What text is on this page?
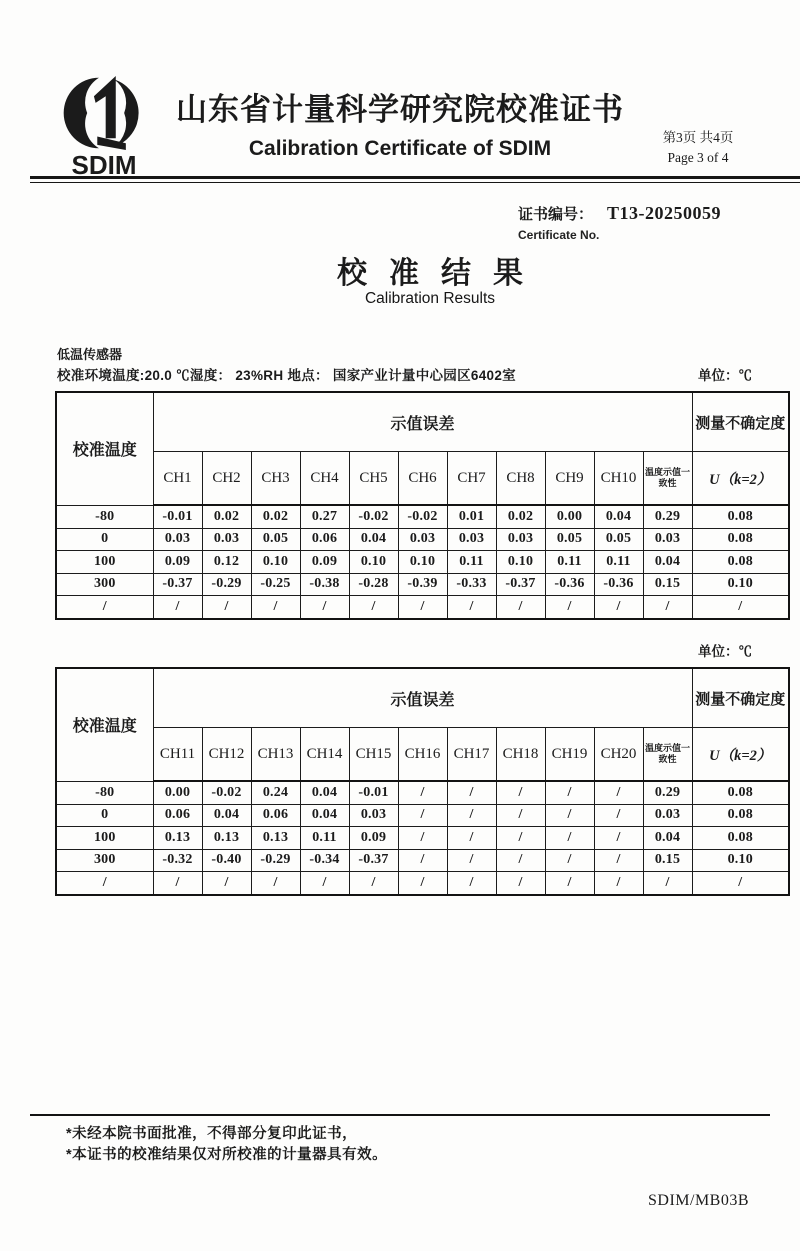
SDIM
山东省计量科学研究院校准证书
Calibration Certificate of SDIM	第3页 共4页
Page 3 of 4
证书编号： T13-20250059
Certificate No.
校准结果
Calibration Results
低温传感器
校准环境温度:20.0 ℃湿度： 23%RH 地点： 国家产业计量中心园区6402室	单位：℃
单位：℃
校准温度	示值误差											测量不确定度
	CH1	CH2	CH3	CH4	CH5	CH6	CH7	CH8	CH9	CH10	温度示值一致性	U（k=2）
-80	-0.01	0.02	0.02	0.27	-0.02	-0.02	0.01	0.02	0.00	0.04	0.29	0.08
0	0.03	0.03	0.05	0.06	0.04	0.03	0.03	0.03	0.05	0.05	0.03	0.08
100	0.09	0.12	0.10	0.09	0.10	0.10	0.11	0.10	0.11	0.11	0.04	0.08
300	-0.37	-0.29	-0.25	-0.38	-0.28	-0.39	-0.33	-0.37	-0.36	-0.36	0.15	0.10
/	/	/	/	/	/	/	/	/	/	/	/	/
校准温度	示值误差											测量不确定度
	CH11	CH12	CH13	CH14	CH15	CH16	CH17	CH18	CH19	CH20	温度示值一致性	U（k=2）
-80	0.00	-0.02	0.24	0.04	-0.01	/	/	/	/	/	0.29	0.08
0	0.06	0.04	0.06	0.04	0.03	/	/	/	/	/	0.03	0.08
100	0.13	0.13	0.13	0.11	0.09	/	/	/	/	/	0.04	0.08
300	-0.32	-0.40	-0.29	-0.34	-0.37	/	/	/	/	/	0.15	0.10
/	/	/	/	/	/	/	/	/	/	/	/	/
*未经本院书面批准，不得部分复印此证书，
*本证书的校准结果仅对所校准的计量器具有效。
SDIM/MB03B
